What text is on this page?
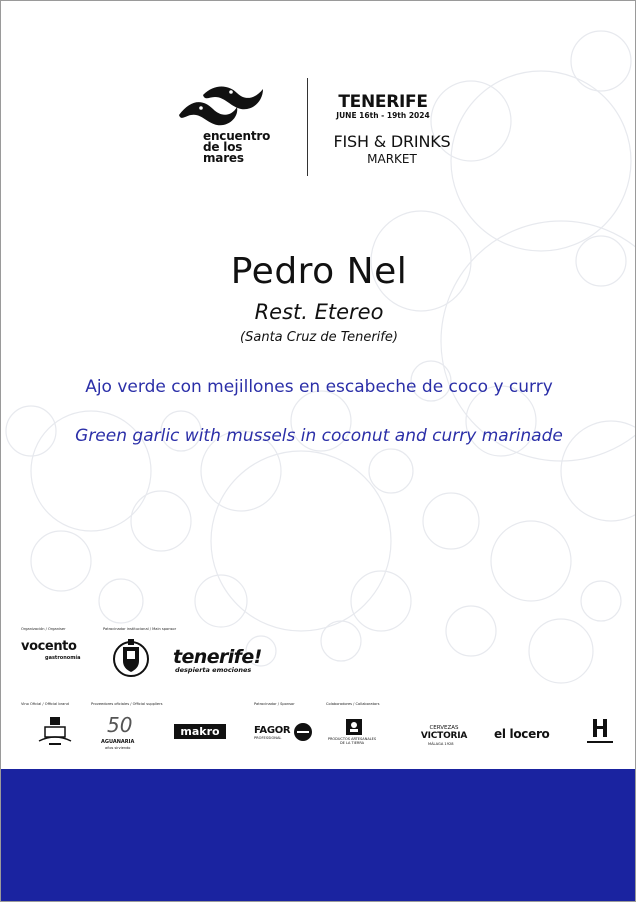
encuentro
de los
mares
TENERIFE
JUNE 16th - 19th 2024
FISH & DRINKS
MARKET
Pedro Nel
Rest. Etereo
(Santa Cruz de Tenerife)
Ajo verde con mejillones en escabeche de coco y curry
Green garlic with mussels in coconut and curry marinade
Organización / Organiser	Patrocinador institucional / Main sponsor
Vino Oficial / Official brand	Proveedores oficiales / Official suppliers	Patrocinador / Sponsor	Colaboradores / Collaborators
vocento
gastronomía	tenerife!
despierta emociones
50
AGUANARIA
años sirviendo
makro	FAGOR
PROFESSIONAL	PRODUCTOS ARTESANALES DE LA TIERRA
CERVEZAS
VICTORIA
MÁLAGA 1928
el locero
